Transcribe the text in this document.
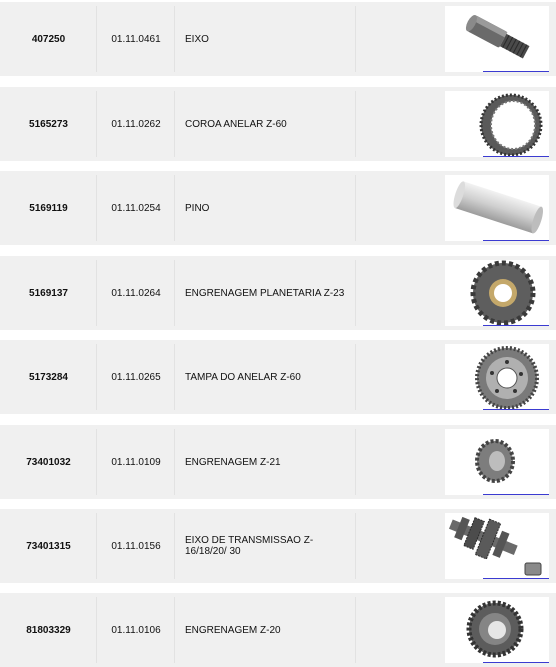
407250	01.11.0461	EIXO
5165273	01.11.0262	COROA ANELAR Z-60
5169119	01.11.0254	PINO
5169137	01.11.0264	ENGRENAGEM PLANETARIA Z-23
5173284	01.11.0265	TAMPA DO ANELAR Z-60
73401032	01.11.0109	ENGRENAGEM Z-21
73401315	01.11.0156	EIXO DE TRANSMISSAO Z-16/18/20/ 30
81803329	01.11.0106	ENGRENAGEM Z-20
